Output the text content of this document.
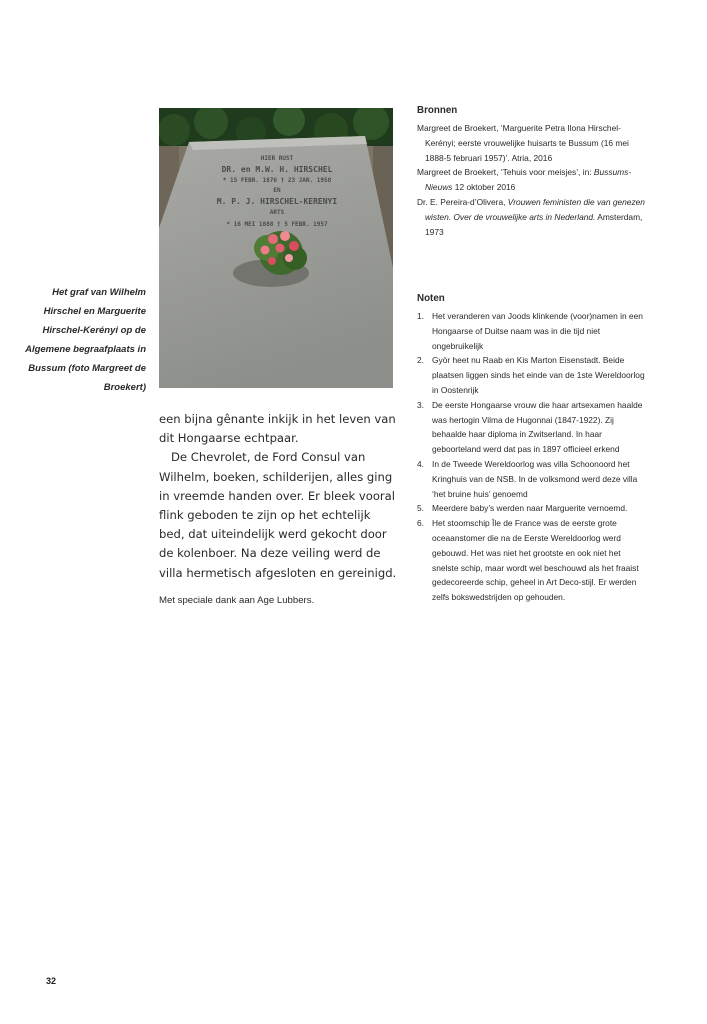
HIER RUST
DR. en M.W. H. HIRSCHEL
* 15 FEBR. 1876 † 23 JAN. 1958
EN
M. P. J. HIRSCHEL-KERENYI
ARTS
* 16 MEI 1888 † 5 FEBR. 1957
Het graf van Wilhelm Hirschel en Marguerite Hirschel-Kerényi op de Algemene begraafplaats in Bussum (foto Margreet de Broekert)

een bijna gênante inkijk in het leven van dit Hongaarse echtpaar.

De Chevrolet, de Ford Consul van Wilhelm, boeken, schilderijen, alles ging in vreemde handen over. Er bleek vooral flink geboden te zijn op het echtelijk bed, dat uiteindelijk werd gekocht door de kolenboer. Na deze veiling werd de villa hermetisch afgesloten en gereinigd.

Met speciale dank aan Age Lubbers.
Bronnen
Margreet de Broekert, ‘Marguerite Petra Ilona Hirschel-Kerényi; eerste vrouwelijke huisarts te Bussum (16 mei 1888-5 februari 1957)’. Atria, 2016
Margreet de Broekert, ‘Tehuis voor meisjes’, in: Bussums-Nieuws 12 oktober 2016
Dr. E. Pereira-d’Olivera, Vrouwen feministen die van genezen wisten. Over de vrouwelijke arts in Nederland. Amsterdam, 1973
Noten
1. Het veranderen van Joods klinkende (voor)namen in een Hongaarse of Duitse naam was in die tijd niet ongebruikelijk
2. Györ heet nu Raab en Kis Marton Eisenstadt. Beide plaatsen liggen sinds het einde van de 1ste Wereldoorlog in Oostenrijk
3. De eerste Hongaarse vrouw die haar artsexamen haalde was hertogin Vilma de Hugonnai (1847-1922). Zij behaalde haar diploma in Zwitserland. In haar geboorteland werd dat pas in 1897 officieel erkend
4. In de Tweede Wereldoorlog was villa Schoonoord het Kringhuis van de NSB. In de volksmond werd deze villa ‘het bruine huis’ genoemd
5. Meerdere baby’s werden naar Marguerite vernoemd.
6. Het stoomschip Île de France was de eerste grote oceaanstomer die na de Eerste Wereldoorlog werd gebouwd. Het was niet het grootste en ook niet het snelste schip, maar wordt wel beschouwd als het fraaist gedecoreerde schip, geheel in Art Deco-stijl. Er werden zelfs bokswedstrijden op gehouden.
32
